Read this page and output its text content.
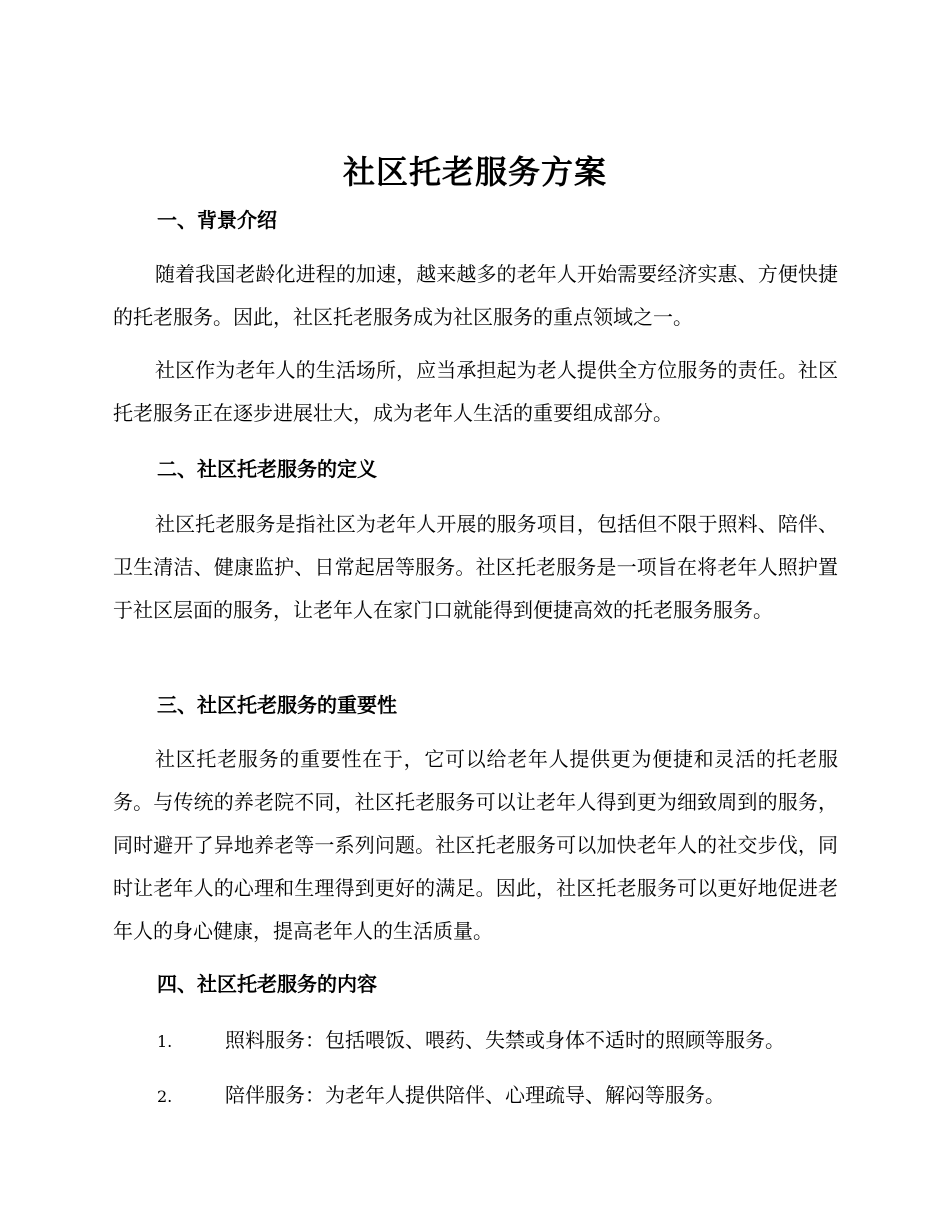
社区托老服务方案
一、背景介绍

随着我国老龄化进程的加速，越来越多的老年人开始需要经济实惠、方便快捷的托老服务。因此，社区托老服务成为社区服务的重点领域之一。

社区作为老年人的生活场所，应当承担起为老人提供全方位服务的责任。社区托老服务正在逐步进展壮大，成为老年人生活的重要组成部分。

二、社区托老服务的定义

社区托老服务是指社区为老年人开展的服务项目，包括但不限于照料、陪伴、卫生清洁、健康监护、日常起居等服务。社区托老服务是一项旨在将老年人照护置于社区层面的服务，让老年人在家门口就能得到便捷高效的托老服务服务。

三、社区托老服务的重要性

社区托老服务的重要性在于，它可以给老年人提供更为便捷和灵活的托老服务。与传统的养老院不同，社区托老服务可以让老年人得到更为细致周到的服务，同时避开了异地养老等一系列问题。社区托老服务可以加快老年人的社交步伐，同时让老年人的心理和生理得到更好的满足。因此，社区托老服务可以更好地促进老年人的身心健康，提高老年人的生活质量。

四、社区托老服务的内容
1.	照料服务：包括喂饭、喂药、失禁或身体不适时的照顾等服务。
2.	陪伴服务：为老年人提供陪伴、心理疏导、解闷等服务。
